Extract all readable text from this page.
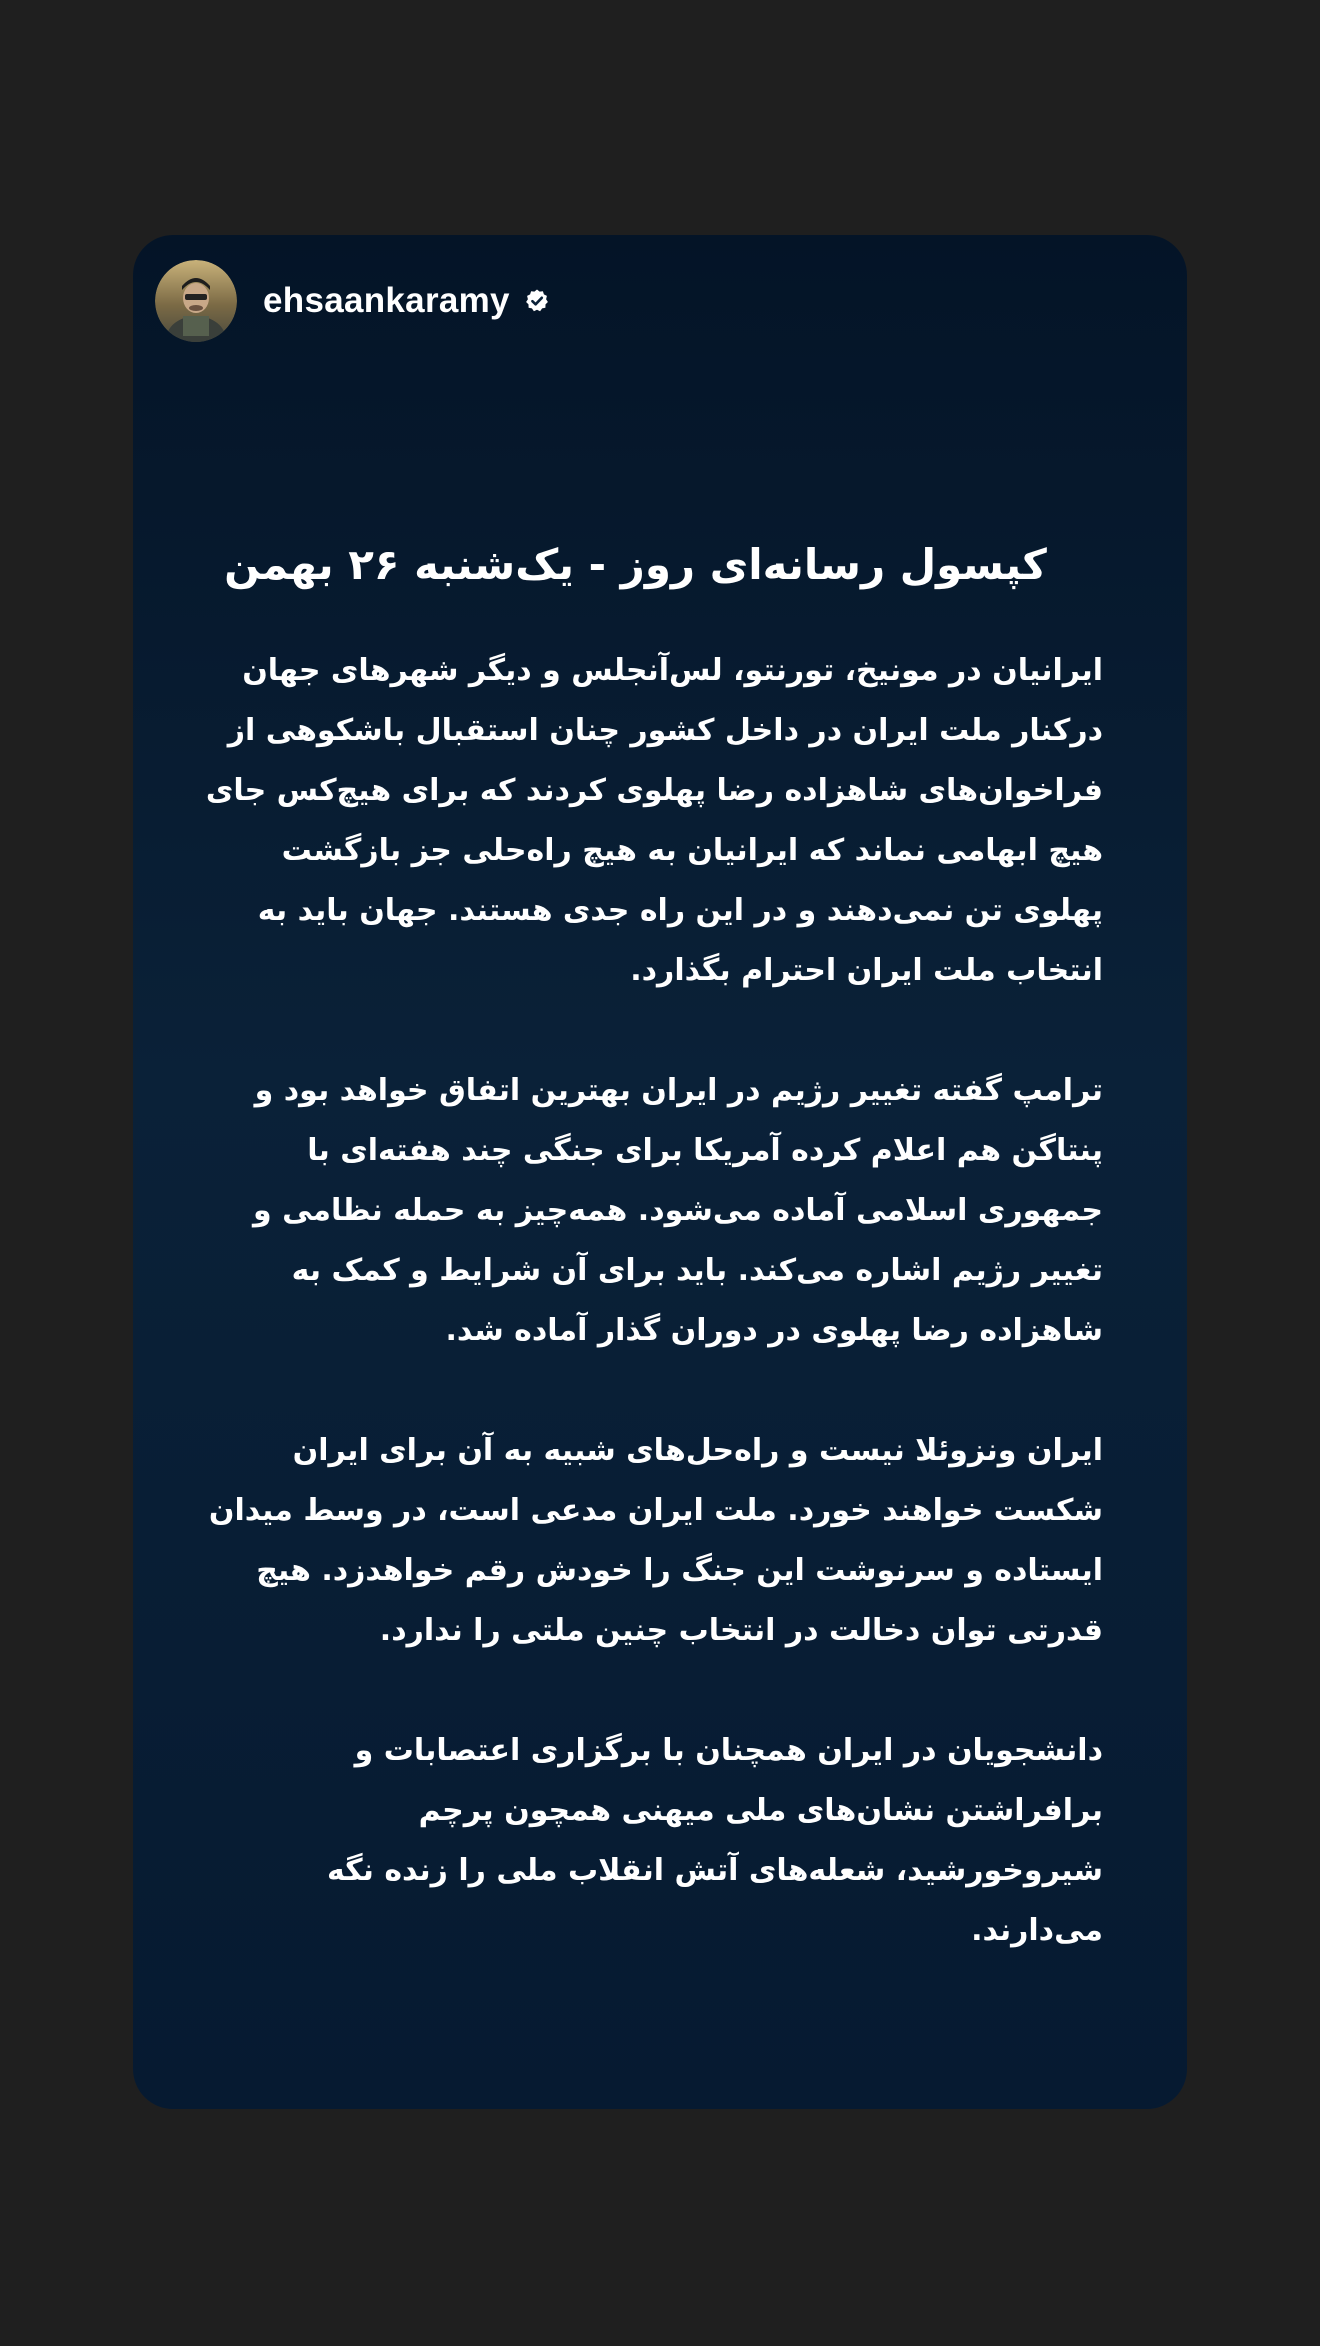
ehsaankaramy
کپسول رسانه‌ای روز - یک‌شنبه ۲۶ بهمن

ایرانیان در مونیخ، تورنتو، لس‌آنجلس و دیگر شهرهای جهان درکنار ملت ایران در داخل کشور چنان استقبال باشکوهی از فراخوان‌های شاهزاده رضا پهلوی کردند که برای هیچ‌کس جای هیچ ابهامی نماند که ایرانیان به هیچ راه‌حلی جز بازگشت پهلوی تن نمی‌دهند و در این راه جدی هستند. جهان باید به انتخاب ملت ایران احترام بگذارد.

ترامپ گفته تغییر رژیم در ایران بهترین اتفاق خواهد بود و پنتاگن هم اعلام کرده آمریکا برای جنگی چند هفته‌ای با جمهوری اسلامی آماده می‌شود. همه‌چیز به حمله نظامی و تغییر رژیم اشاره می‌کند. باید برای آن شرایط و کمک به شاهزاده رضا پهلوی در دوران گذار آماده شد.

ایران ونزوئلا نیست و راه‌حل‌های شبیه به آن برای ایران شکست خواهند خورد. ملت ایران مدعی است، در وسط میدان ایستاده و سرنوشت این جنگ را خودش رقم خواهدزد. هیچ قدرتی توان دخالت در انتخاب چنین ملتی را ندارد.

دانشجویان در ایران همچنان با برگزاری اعتصابات و برافراشتن نشان‌های ملی میهنی همچون پرچم شیروخورشید، شعله‌های آتش انقلاب ملی را زنده نگه می‌دارند.
